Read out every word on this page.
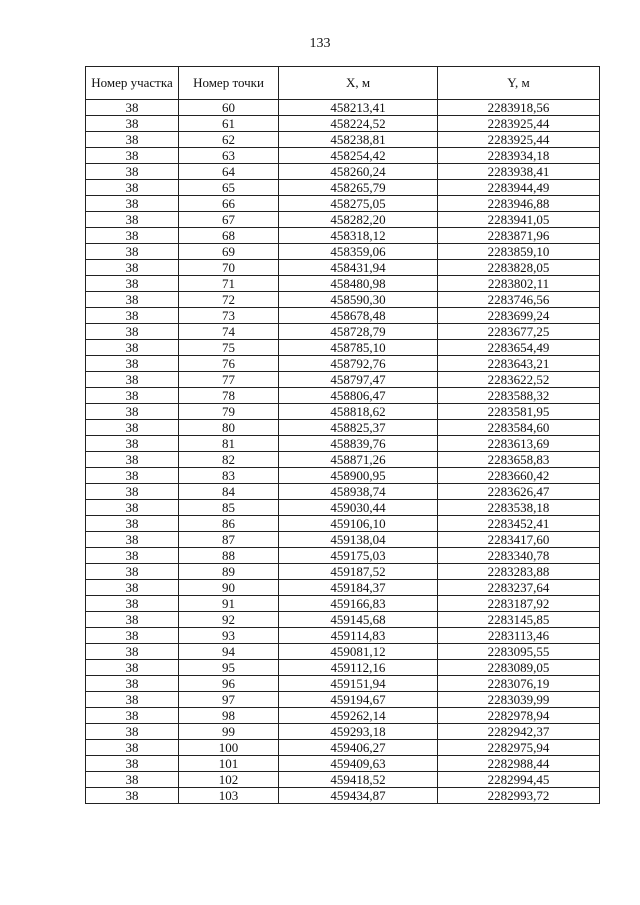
133
Номер участка	Номер точки	X, м	Y, м
38	60	458213,41	2283918,56
38	61	458224,52	2283925,44
38	62	458238,81	2283925,44
38	63	458254,42	2283934,18
38	64	458260,24	2283938,41
38	65	458265,79	2283944,49
38	66	458275,05	2283946,88
38	67	458282,20	2283941,05
38	68	458318,12	2283871,96
38	69	458359,06	2283859,10
38	70	458431,94	2283828,05
38	71	458480,98	2283802,11
38	72	458590,30	2283746,56
38	73	458678,48	2283699,24
38	74	458728,79	2283677,25
38	75	458785,10	2283654,49
38	76	458792,76	2283643,21
38	77	458797,47	2283622,52
38	78	458806,47	2283588,32
38	79	458818,62	2283581,95
38	80	458825,37	2283584,60
38	81	458839,76	2283613,69
38	82	458871,26	2283658,83
38	83	458900,95	2283660,42
38	84	458938,74	2283626,47
38	85	459030,44	2283538,18
38	86	459106,10	2283452,41
38	87	459138,04	2283417,60
38	88	459175,03	2283340,78
38	89	459187,52	2283283,88
38	90	459184,37	2283237,64
38	91	459166,83	2283187,92
38	92	459145,68	2283145,85
38	93	459114,83	2283113,46
38	94	459081,12	2283095,55
38	95	459112,16	2283089,05
38	96	459151,94	2283076,19
38	97	459194,67	2283039,99
38	98	459262,14	2282978,94
38	99	459293,18	2282942,37
38	100	459406,27	2282975,94
38	101	459409,63	2282988,44
38	102	459418,52	2282994,45
38	103	459434,87	2282993,72
